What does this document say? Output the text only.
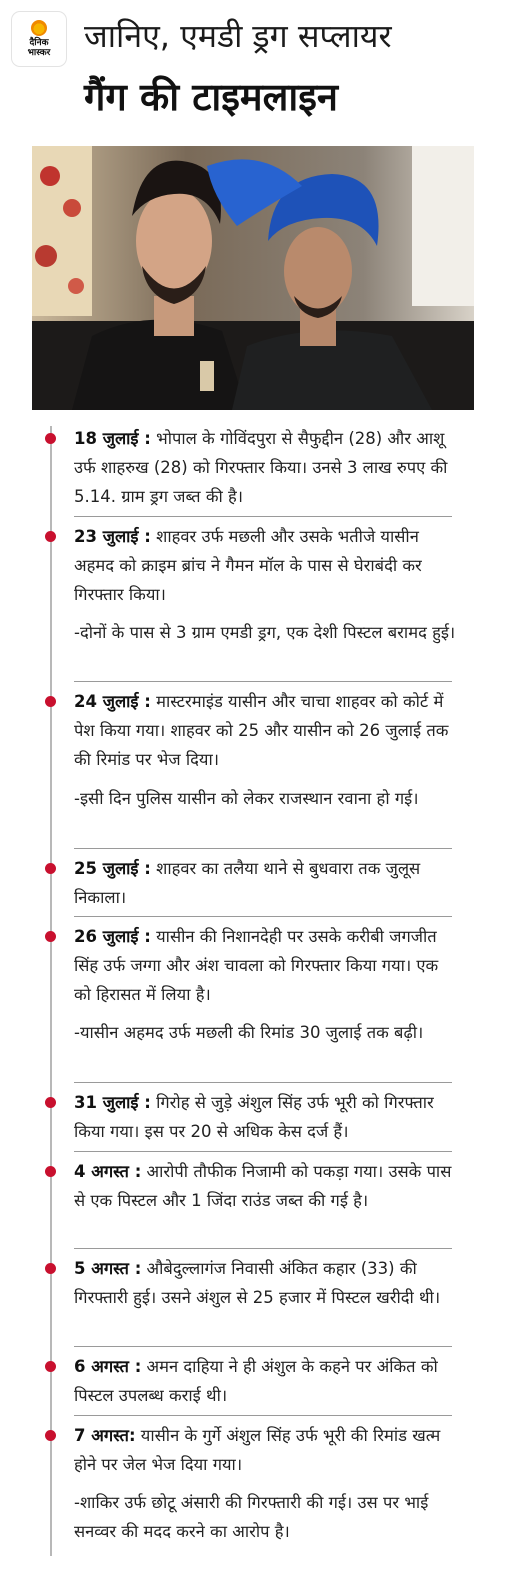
दैनिक
भास्कर जानिए, एमडी ड्रग सप्लायर
गैंग की टाइमलाइन
18 जुलाई : भोपाल के गोविंदपुरा से सैफुद्दीन (28) और आशू उर्फ शाहरुख (28) को गिरफ्तार किया। उनसे 3 लाख रुपए की 5.14. ग्राम ड्रग जब्त की है।
23 जुलाई : शाहवर उर्फ मछली और उसके भतीजे यासीन अहमद को क्राइम ब्रांच ने गैमन मॉल के पास से घेराबंदी कर गिरफ्तार किया।
-दोनों के पास से 3 ग्राम एमडी ड्रग, एक देशी पिस्टल बरामद हुई।
24 जुलाई : मास्टरमाइंड यासीन और चाचा शाहवर को कोर्ट में पेश किया गया। शाहवर को 25 और यासीन को 26 जुलाई तक की रिमांड पर भेज दिया।
-इसी दिन पुलिस यासीन को लेकर राजस्थान रवाना हो गई।
25 जुलाई : शाहवर का तलैया थाने से बुधवारा तक जुलूस निकाला।
26 जुलाई : यासीन की निशानदेही पर उसके करीबी जगजीत सिंह उर्फ जग्गा और अंश चावला को गिरफ्तार किया गया। एक को हिरासत में लिया है।
-यासीन अहमद उर्फ मछली की रिमांड 30 जुलाई तक बढ़ी।
31 जुलाई : गिरोह से जुड़े अंशुल सिंह उर्फ भूरी को गिरफ्तार किया गया। इस पर 20 से अधिक केस दर्ज हैं।
4 अगस्त : आरोपी तौफीक निजामी को पकड़ा गया। उसके पास से एक पिस्टल और 1 जिंदा राउंड जब्त की गई है।
5 अगस्त : औबेदुल्लागंज निवासी अंकित कहार (33) की गिरफ्तारी हुई। उसने अंशुल से 25 हजार में पिस्टल खरीदी थी।
6 अगस्त : अमन दाहिया ने ही अंशुल के कहने पर अंकित को पिस्टल उपलब्ध कराई थी।
7 अगस्त: यासीन के गुर्गे अंशुल सिंह उर्फ भूरी की रिमांड खत्म होने पर जेल भेज दिया गया।
-शाकिर उर्फ छोटू अंसारी की गिरफ्तारी की गई। उस पर भाई सनव्वर की मदद करने का आरोप है।
